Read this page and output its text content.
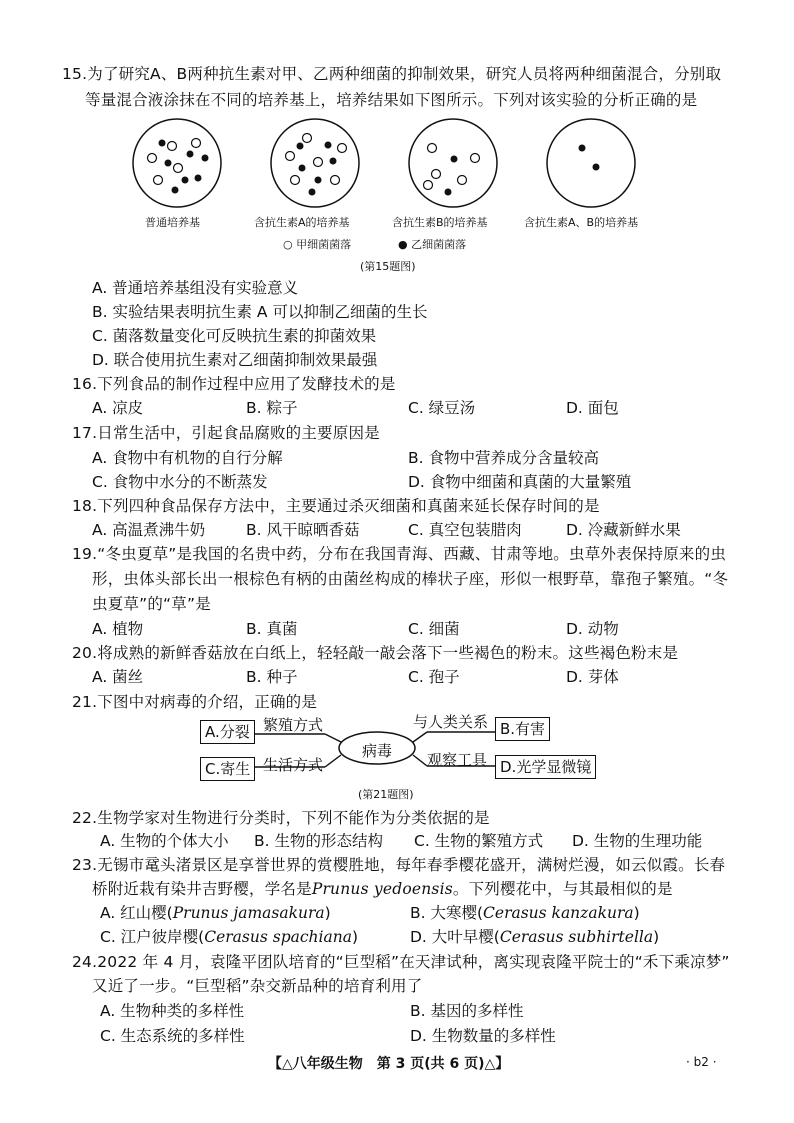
15.为了研究A、B两种抗生素对甲、乙两种细菌的抑制效果，研究人员将两种细菌混合，分别取
等量混合液涂抹在不同的培养基上，培养结果如下图所示。下列对该实验的分析正确的是
普通培养基	含抗生素A的培养基	含抗生素B的培养基	含抗生素A、B的培养基
○ 甲细菌菌落	● 乙细菌菌落
(第15题图)
A. 普通培养基组没有实验意义
B. 实验结果表明抗生素 A 可以抑制乙细菌的生长
C. 菌落数量变化可反映抗生素的抑菌效果
D. 联合使用抗生素对乙细菌抑制效果最强
16.下列食品的制作过程中应用了发酵技术的是
A. 凉皮	B. 粽子	C. 绿豆汤	D. 面包
17.日常生活中，引起食品腐败的主要原因是
A. 食物中有机物的自行分解	B. 食物中营养成分含量较高
C. 食物中水分的不断蒸发	D. 食物中细菌和真菌的大量繁殖
18.下列四种食品保存方法中，主要通过杀灭细菌和真菌来延长保存时间的是
A. 高温煮沸牛奶	B. 风干晾晒香菇	C. 真空包装腊肉	D. 冷藏新鲜水果
19.“冬虫夏草”是我国的名贵中药，分布在我国青海、西藏、甘肃等地。虫草外表保持原来的虫
形，虫体头部长出一根棕色有柄的由菌丝构成的棒状子座，形似一根野草，靠孢子繁殖。“冬
虫夏草”的“草”是
A. 植物	B. 真菌	C. 细菌	D. 动物
20.将成熟的新鲜香菇放在白纸上，轻轻敲一敲会落下一些褐色的粉末。这些褐色粉末是
A. 菌丝	B. 种子	C. 孢子	D. 芽体
21.下图中对病毒的介绍，正确的是
A.分裂 繁殖方式
C.寄生 生活方式
病毒
与人类关系 B.有害
观察工具 D.光学显微镜
(第21题图)
22.生物学家对生物进行分类时，下列不能作为分类依据的是
A. 生物的个体大小 B. 生物的形态结构 C. 生物的繁殖方式 D. 生物的生理功能
23.无锡市鼋头渚景区是享誉世界的赏樱胜地，每年春季樱花盛开，满树烂漫，如云似霞。长春
桥附近栽有染井吉野樱，学名是Prunus yedoensis。下列樱花中，与其最相似的是
A. 红山樱(Prunus jamasakura)	B. 大寒樱(Cerasus kanzakura)
C. 江户彼岸樱(Cerasus spachiana)	D. 大叶早樱(Cerasus subhirtella)
24.2022 年 4 月，袁隆平团队培育的“巨型稻”在天津试种，离实现袁隆平院士的“禾下乘凉梦”
又近了一步。“巨型稻”杂交新品种的培育利用了
A. 生物种类的多样性	B. 基因的多样性
C. 生态系统的多样性	D. 生物数量的多样性
【△八年级生物　第 3 页(共 6 页)△】	· b2 ·
